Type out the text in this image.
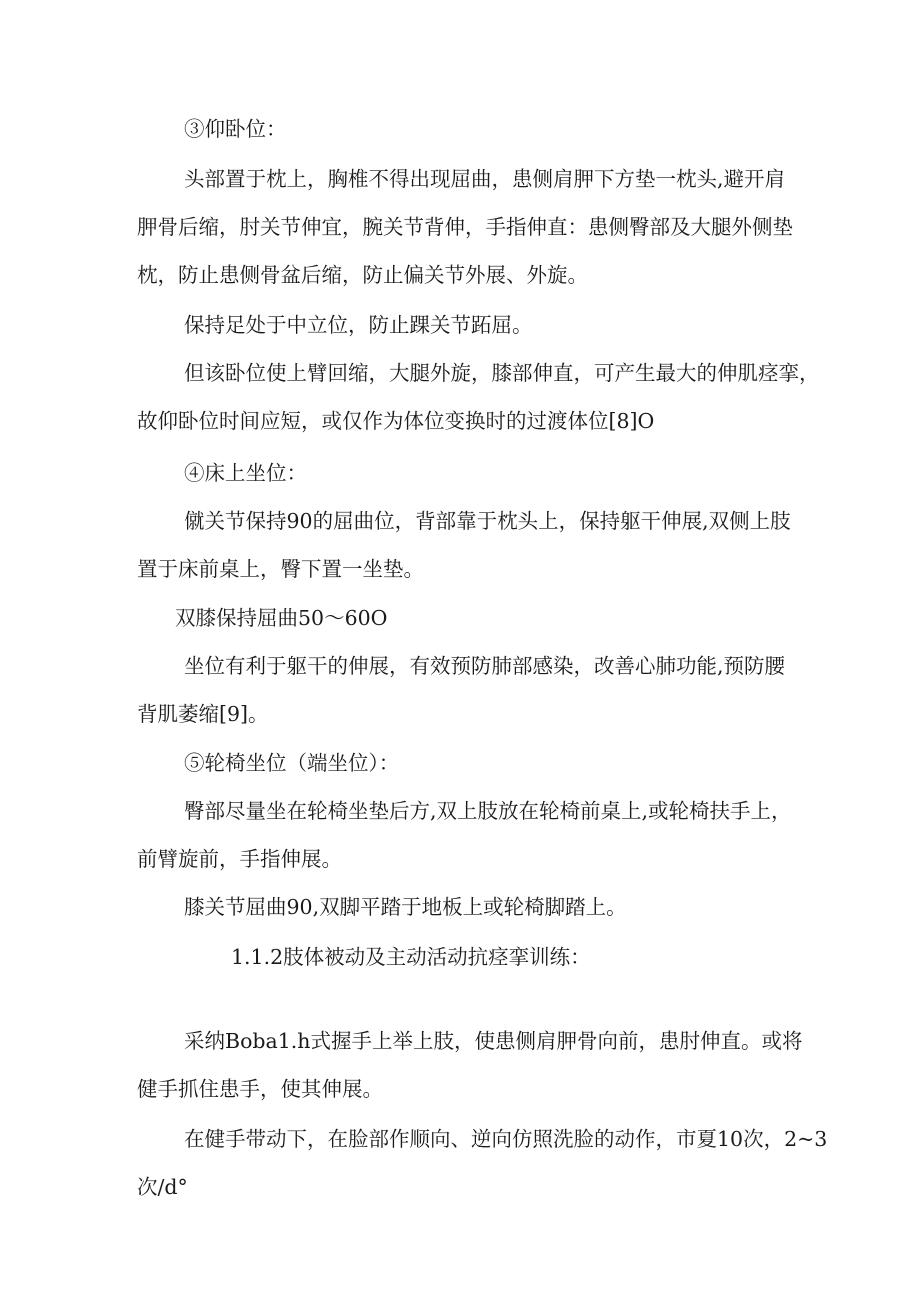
③仰卧位：
头部置于枕上，胸椎不得出现屈曲，患侧肩胛下方垫一枕头,避开肩
胛骨后缩，肘关节伸宜，腕关节背伸，手指伸直：患侧臀部及大腿外侧垫
枕，防止患侧骨盆后缩，防止偏关节外展、外旋。
保持足处于中立位，防止踝关节跖屈。
但该卧位使上臂回缩，大腿外旋，膝部伸直，可产生最大的伸肌痉挛，
故仰卧位时间应短，或仅作为体位变换时的过渡体位[8]O
④床上坐位：
僦关节保持90的屈曲位，背部靠于枕头上，保持躯干伸展,双侧上肢
置于床前桌上，臀下置一坐垫。
双膝保持屈曲50～60O
坐位有利于躯干的伸展，有效预防肺部感染，改善心肺功能,预防腰
背肌萎缩[9]。
⑤轮椅坐位（端坐位）：
臀部尽量坐在轮椅坐垫后方,双上肢放在轮椅前桌上,或轮椅扶手上，
前臂旋前，手指伸展。
膝关节屈曲90,双脚平踏于地板上或轮椅脚踏上。
1.1.2肢体被动及主动活动抗痉挛训练：
采纳Boba1.h式握手上举上肢，使患侧肩胛骨向前，患肘伸直。或将
健手抓住患手，使其伸展。
在健手带动下，在脸部作顺向、逆向仿照洗脸的动作，市夏10次，2~3
次/d°
